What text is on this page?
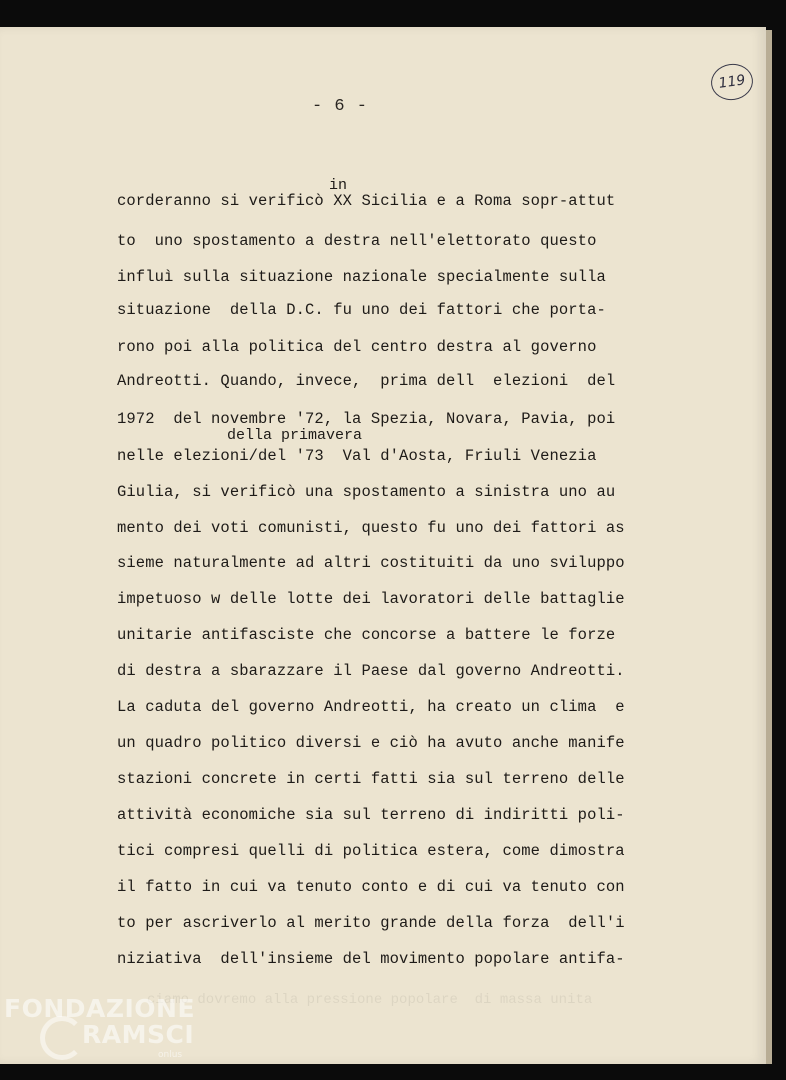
- 6 -
119
in
corderanno si verificò XX Sicilia e a Roma sopr-attut
to  uno spostamento a destra nell'elettorato questo
influì sulla situazione nazionale specialmente sulla
situazione  della D.C. fu uno dei fattori che porta-
rono poi alla politica del centro destra al governo
Andreotti. Quando, invece,  prima dell  elezioni  del
1972  del novembre '72, la Spezia, Novara, Pavia, poi
della primavera
nelle elezioni/del '73  Val d'Aosta, Friuli Venezia
Giulia, si verificò una spostamento a sinistra uno au
mento dei voti comunisti, questo fu uno dei fattori as
sieme naturalmente ad altri costituiti da uno sviluppo
impetuoso w delle lotte dei lavoratori delle battaglie
unitarie antifasciste che concorse a battere le forze
di destra a sbarazzare il Paese dal governo Andreotti.
La caduta del governo Andreotti, ha creato un clima  e
un quadro politico diversi e ciò ha avuto anche manife
stazioni concrete in certi fatti sia sul terreno delle
attività economiche sia sul terreno di indiritti poli-
tici compresi quelli di politica estera, come dimostra
il fatto in cui va tenuto conto e di cui va tenuto con
to per ascriverlo al merito grande della forza  dell'i
niziativa  dell'insieme del movimento popolare antifa-
ciamo dovremo alla pressione popolare  di massa unita
FONDAZIONE
RAMSCI
onlus
